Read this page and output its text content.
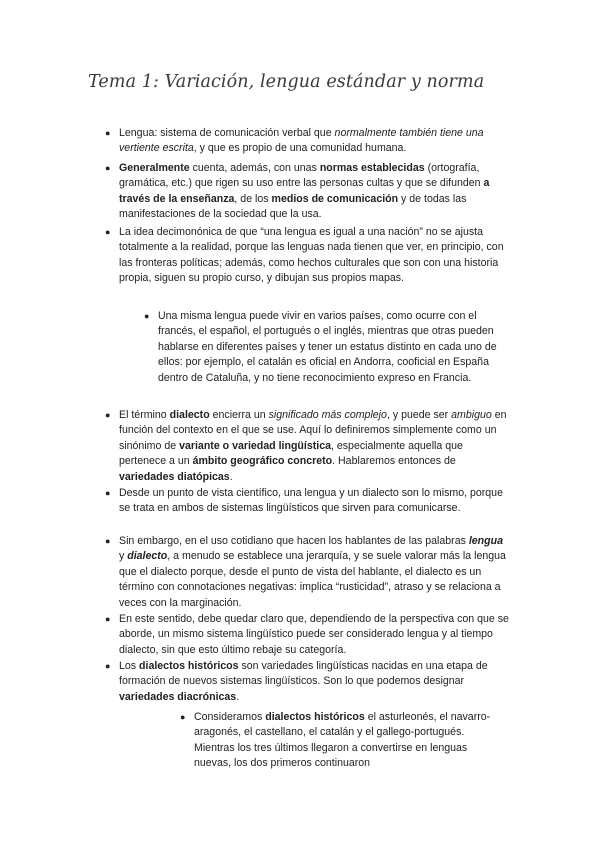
Tema 1: Variación, lengua estándar y norma
● Lengua: sistema de comunicación verbal que normalmente también tiene una vertiente escrita, y que es propio de una comunidad humana.

● Generalmente cuenta, además, con unas normas establecidas (ortografía, gramática, etc.) que rigen su uso entre las personas cultas y que se difunden a través de la enseñanza, de los medios de comunicación y de todas las manifestaciones de la sociedad que la usa.

● La idea decimonónica de que “una lengua es igual a una nación” no se ajusta totalmente a la realidad, porque las lenguas nada tienen que ver, en principio, con las fronteras políticas; además, como hechos culturales que son con una historia propia, siguen su propio curso, y dibujan sus propios mapas.

● Una misma lengua puede vivir en varios países, como ocurre con el francés, el español, el portugués o el inglés, mientras que otras pueden hablarse en diferentes países y tener un estatus distinto en cada uno de ellos: por ejemplo, el catalán es oficial en Andorra, cooficial en España dentro de Cataluña, y no tiene reconocimiento expreso en Francia.

● El término dialecto encierra un significado más complejo, y puede ser ambiguo en función del contexto en el que se use. Aquí lo definiremos simplemente como un sinónimo de variante o variedad lingüística, especialmente aquella que pertenece a un ámbito geográfico concreto. Hablaremos entonces de variedades diatópicas.

● Desde un punto de vista científico, una lengua y un dialecto son lo mismo, porque se trata en ambos de sistemas lingüísticos que sirven para comunicarse.

● Sin embargo, en el uso cotidiano que hacen los hablantes de las palabras lengua y dialecto, a menudo se establece una jerarquía, y se suele valorar más la lengua que el dialecto porque, desde el punto de vista del hablante, el dialecto es un término con connotaciones negativas: implica “rusticidad”, atraso y se relaciona a veces con la marginación.

● En este sentido, debe quedar claro que, dependiendo de la perspectiva con que se aborde, un mismo sistema lingüístico puede ser considerado lengua y al tiempo dialecto, sin que esto último rebaje su categoría.

● Los dialectos históricos son variedades lingüísticas nacidas en una etapa de formación de nuevos sistemas lingüísticos. Son lo que podemos designar variedades diacrónicas.

● Consideramos dialectos históricos el asturleonés, el navarro-aragonés, el castellano, el catalán y el gallego-portugués. Mientras los tres últimos llegaron a convertirse en lenguas nuevas, los dos primeros continuaron
